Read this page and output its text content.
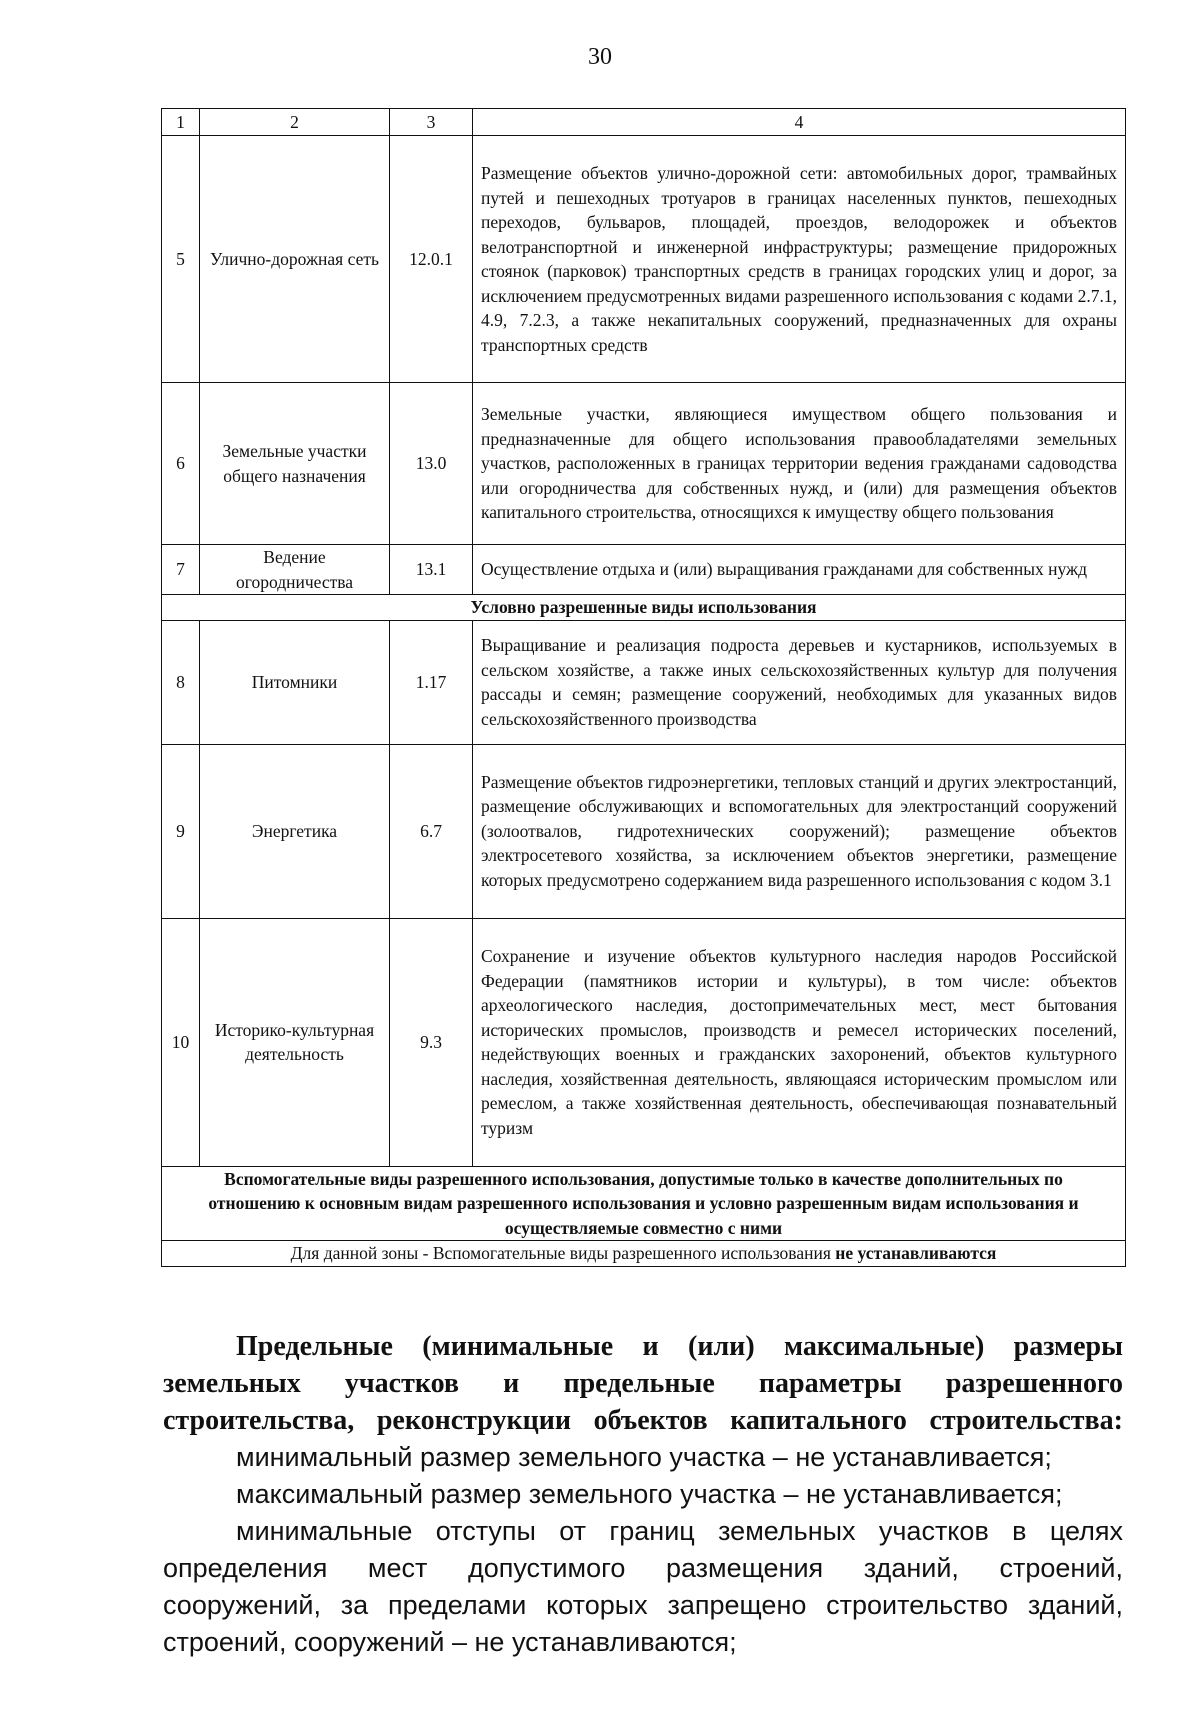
30
1	2	3	4
5	Улично-дорожная сеть	12.0.1	Размещение объектов улично-дорожной сети: автомобильных дорог, трамвайных путей и пешеходных тротуаров в границах населенных пунктов, пешеходных переходов, бульваров, площадей, проездов, велодорожек и объектов велотранспортной и инженерной инфраструктуры; размещение придорожных стоянок (парковок) транспортных средств в границах городских улиц и дорог, за исключением предусмотренных видами разрешенного использования с кодами 2.7.1, 4.9, 7.2.3, а также некапитальных сооружений, предназначенных для охраны транспортных средств
6	Земельные участки общего назначения	13.0	Земельные участки, являющиеся имуществом общего пользования и предназначенные для общего использования правообладателями земельных участков, расположенных в границах территории ведения гражданами садоводства или огородничества для собственных нужд, и (или) для размещения объектов капитального строительства, относящихся к имуществу общего пользования
7	Ведение огородничества	13.1	Осуществление отдыха и (или) выращивания гражданами для собственных нужд
Условно разрешенные виды использования			
8	Питомники	1.17	Выращивание и реализация подроста деревьев и кустарников, используемых в сельском хозяйстве, а также иных сельскохозяйственных культур для получения рассады и семян; размещение сооружений, необходимых для указанных видов сельскохозяйственного производства
9	Энергетика	6.7	Размещение объектов гидроэнергетики, тепловых станций и других электростанций, размещение обслуживающих и вспомогательных для электростанций сооружений (золоотвалов, гидротехнических сооружений); размещение объектов электросетевого хозяйства, за исключением объектов энергетики, размещение которых предусмотрено содержанием вида разрешенного использования с кодом 3.1
10	Историко-культурная деятельность	9.3	Сохранение и изучение объектов культурного наследия народов Российской Федерации (памятников истории и культуры), в том числе: объектов археологического наследия, достопримечательных мест, мест бытования исторических промыслов, производств и ремесел исторических поселений, недействующих военных и гражданских захоронений, объектов культурного наследия, хозяйственная деятельность, являющаяся историческим промыслом или ремеслом, а также хозяйственная деятельность, обеспечивающая познавательный туризм
Вспомогательные виды разрешенного использования, допустимые только в качестве дополнительных по отношению к основным видам разрешенного использования и условно разрешенным видам использования и осуществляемые совместно с ними			
Для данной зоны - Вспомогательные виды разрешенного использования не устанавливаются			

Предельные (минимальные и (или) максимальные) размеры земельных участков и предельные параметры разрешенного строительства, реконструкции объектов капитального строительства:

минимальный размер земельного участка – не устанавливается;

максимальный размер земельного участка – не устанавливается;

минимальные отступы от границ земельных участков в целях определения мест допустимого размещения зданий, строений, сооружений, за пределами которых запрещено строительство зданий, строений, сооружений – не устанавливаются;
